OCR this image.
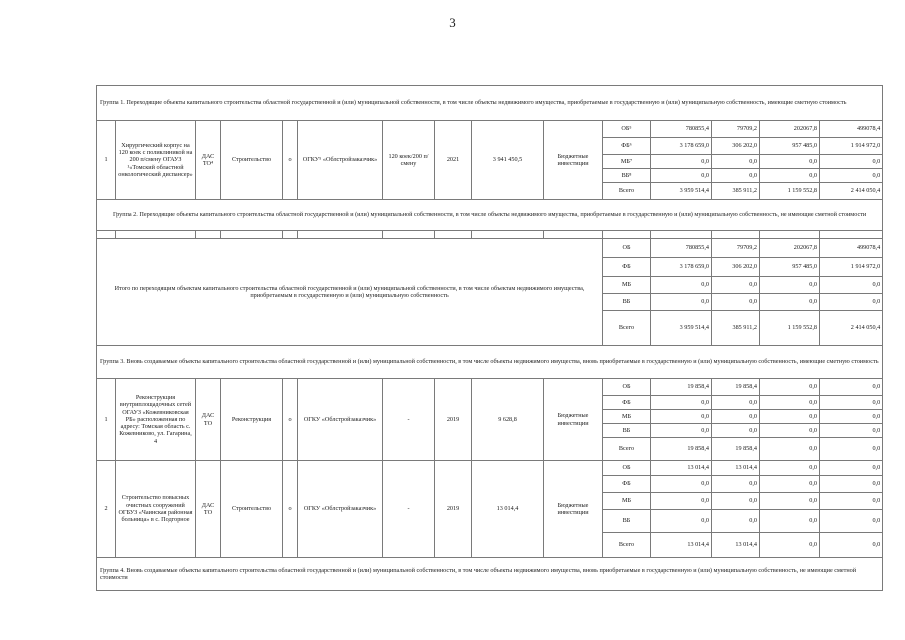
3
Группа 1. Переходящие объекты капитального строительства областной государственной и (или) муниципальной собственности, в том числе объекты недвижимого имущества, приобретаемые в государственную и (или) муниципальную собственность, имеющие сметную стоимость														
1	Хирургический корпус на 120 коек с поликлиникой на 200 п/смену ОГАУЗ ¹«Томский областной онкологический диспансер»	ДАС ТО⁴	Строительство	о	ОГКУ⁵ «Облстройзаказчик»	120 коек/200 п/смену	2021	3 941 450,5	Бюджетные инвестиции	ОБ⁵	780855,4	79709,2	202067,8	499078,4
										ФБ⁶	3 178 659,0	306 202,0	957 485,0	1 914 972,0
										МБ⁷	0,0	0,0	0,0	0,0
										ВБ⁸	0,0	0,0	0,0	0,0
										Всего	3 959 514,4	385 911,2	1 159 552,8	2 414 050,4
Группа 2. Переходящие объекты капитального строительства областной государственной и (или) муниципальной собственности, в том числе объекты недвижимого имущества, приобретаемые в государственную и (или) муниципальную собственность, не имеющие сметной стоимости														

Итого по переходящим объектам капитального строительства областной государственной и (или) муниципальной собственности, в том числе объектам недвижимого имущества, приобретаемым в государственную и (или) муниципальную собственность										ОБ	780855,4	79709,2	202067,8	499078,4
										ФБ	3 178 659,0	306 202,0	957 485,0	1 914 972,0
										МБ	0,0	0,0	0,0	0,0
										ВБ	0,0	0,0	0,0	0,0
										Всего	3 959 514,4	385 911,2	1 159 552,8	2 414 050,4
Группа 3. Вновь создаваемые объекты капитального строительства областной государственной и (или) муниципальной собственности, в том числе объекты недвижимого имущества, вновь приобретаемые в государственную и (или) муниципальную собственность, имеющие сметную стоимость														
1	Реконструкция внутриплощадочных сетей ОГАУЗ «Кожевниковская РБ» расположенная по адресу: Томская область с. Кожевниково, ул. Гагарина, 4	ДАС ТО	Реконструкция	о	ОГКУ «Облстройзаказчик»	-	2019	9 628,8	Бюджетные инвестиции	ОБ	19 858,4	19 858,4	0,0	0,0
										ФБ	0,0	0,0	0,0	0,0
										МБ	0,0	0,0	0,0	0,0
										ВБ	0,0	0,0	0,0	0,0
										Всего	19 858,4	19 858,4	0,0	0,0
2	Строительство повысных очистных сооружений ОГБУЗ «Чаинская районная больница» в с. Подгорное	ДАС ТО	Строительство	о	ОГКУ «Облстройзаказчик»	-	2019	13 014,4	Бюджетные инвестиции	ОБ	13 014,4	13 014,4	0,0	0,0
										ФБ	0,0	0,0	0,0	0,0
										МБ	0,0	0,0	0,0	0,0
										ВБ	0,0	0,0	0,0	0,0
										Всего	13 014,4	13 014,4	0,0	0,0
Группа 4. Вновь создаваемые объекты капитального строительства областной государственной и (или) муниципальной собственности, в том числе объекты недвижимого имущества, вновь приобретаемые в государственную и (или) муниципальную собственность, не имеющие сметной стоимости														
